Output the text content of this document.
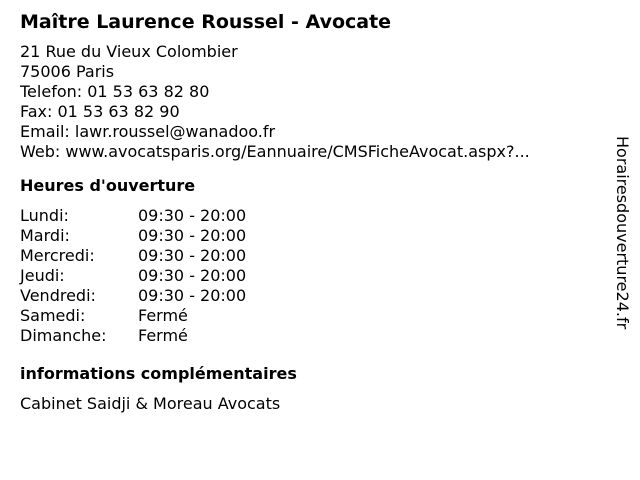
Maître Laurence Roussel - Avocate
21 Rue du Vieux Colombier
75006 Paris
Telefon: 01 53 63 82 80
Fax: 01 53 63 82 90
Email: lawr.roussel@wanadoo.fr
Web: www.avocatsparis.org/Eannuaire/CMSFicheAvocat.aspx?...
Heures d'ouverture
Lundi:	09:30 - 20:00
Mardi:	09:30 - 20:00
Mercredi:	09:30 - 20:00
Jeudi:	09:30 - 20:00
Vendredi:	09:30 - 20:00
Samedi:	Fermé
Dimanche:	Fermé
informations complémentaires
Cabinet Saidji & Moreau Avocats
Horairesdouverture24.fr
